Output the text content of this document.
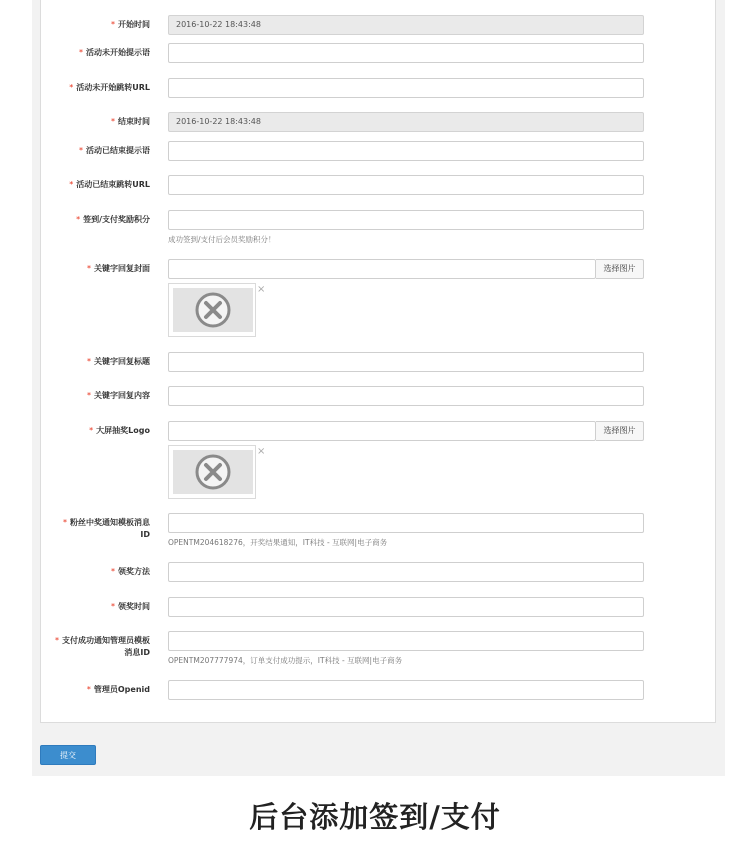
* 开始时间	2016-10-22 18:43:48
* 活动未开始提示语
* 活动未开始跳转URL
* 结束时间	2016-10-22 18:43:48
* 活动已结束提示语
* 活动已结束跳转URL
* 签到/支付奖励积分
成功签到/支付后会员奖励积分！
* 关键字回复封面	选择图片
×
* 关键字回复标题
* 关键字回复内容
* 大屏抽奖Logo	选择图片
×
* 粉丝中奖通知模板消息ID
OPENTM204618276，开奖结果通知，IT科技 - 互联网|电子商务
* 领奖方法
* 领奖时间
* 支付成功通知管理员模板消息ID
OPENTM207777974，订单支付成功提示，IT科技 - 互联网|电子商务
* 管理员Openid
提交
后台添加签到/支付
